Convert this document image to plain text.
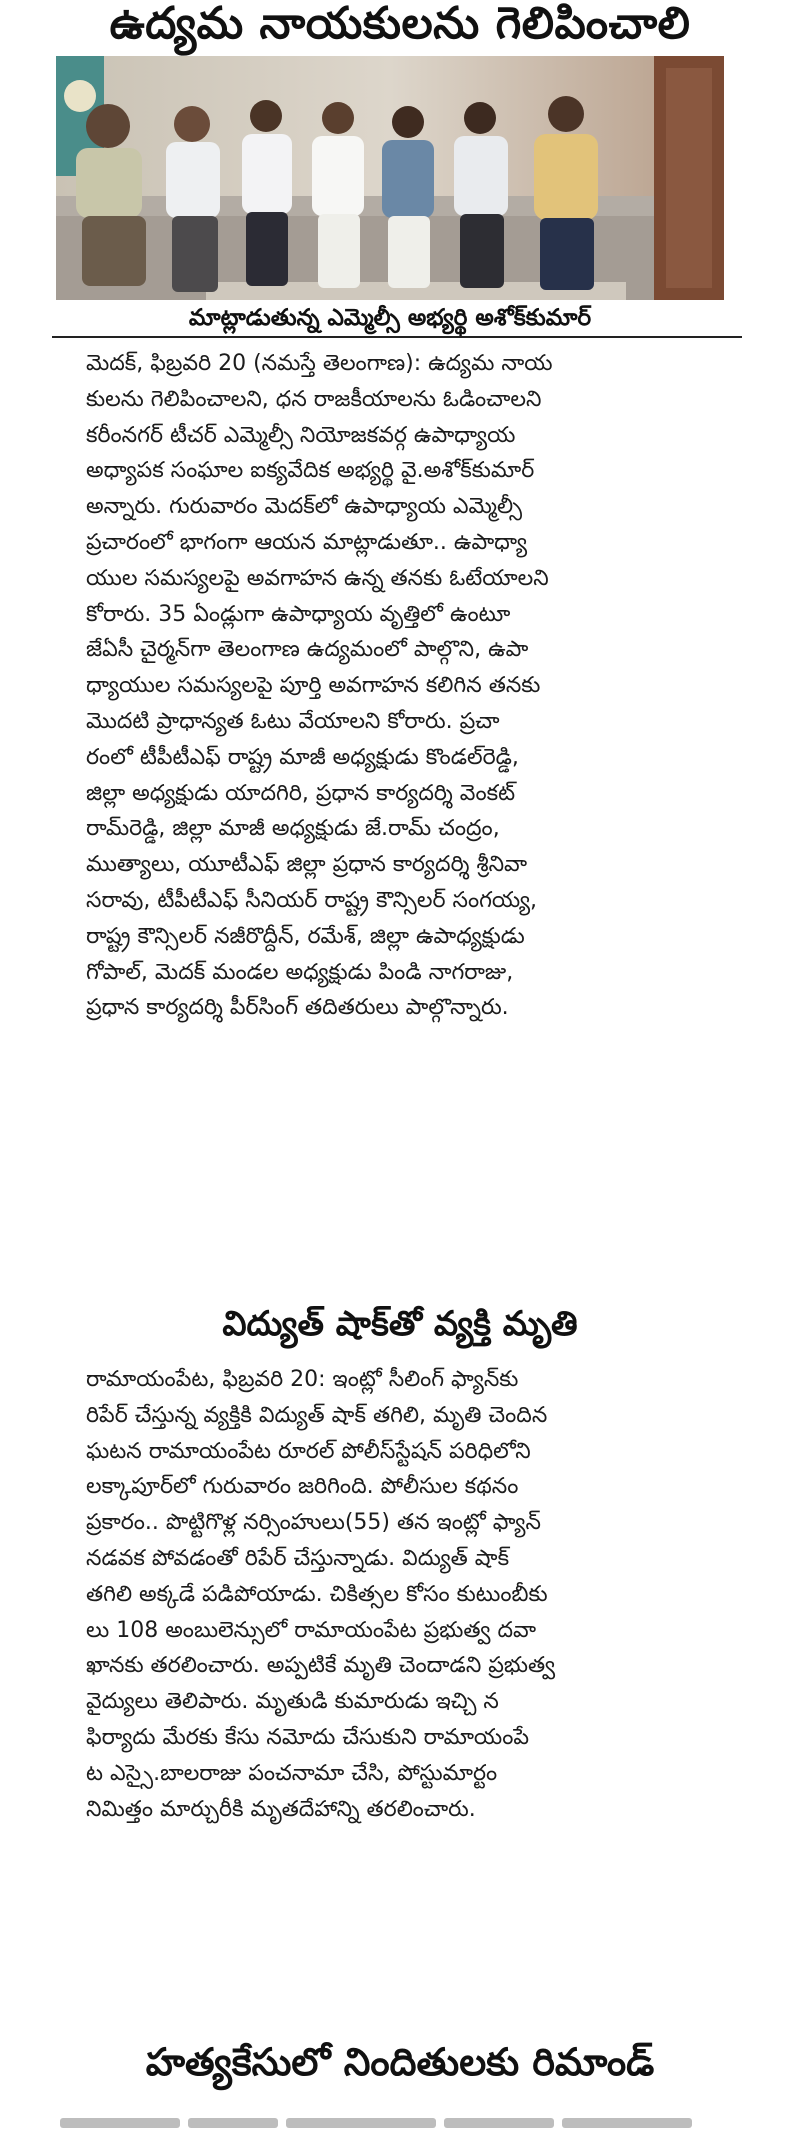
ఉద్యమ నాయకులను గెలిపించాలి
మాట్లాడుతున్న ఎమ్మెల్సీ అభ్యర్థి అశోక్‌కుమార్
మెదక్, ఫిబ్రవరి 20 (నమస్తే తెలంగాణ): ఉద్యమ నాయ
కులను గెలిపించాలని, ధన రాజకీయాలను ఓడించాలని
కరీంనగర్ టీచర్ ఎమ్మెల్సీ నియోజకవర్గ ఉపాధ్యాయ
అధ్యాపక సంఘాల ఐక్యవేదిక అభ్యర్థి వై.అశోక్‌కుమార్
అన్నారు. గురువారం మెదక్‌లో ఉపాధ్యాయ ఎమ్మెల్సీ
ప్రచారంలో భాగంగా ఆయన మాట్లాడుతూ.. ఉపాధ్యా
యుల సమస్యలపై అవగాహన ఉన్న తనకు ఓటేయాలని
కోరారు. 35 ఏండ్లుగా ఉపాధ్యాయ వృత్తిలో ఉంటూ
జేఏసీ చైర్మన్‌గా తెలంగాణ ఉద్యమంలో పాల్గొని, ఉపా
ధ్యాయుల సమస్యలపై పూర్తి అవగాహన కలిగిన తనకు
మొదటి ప్రాధాన్యత ఓటు వేయాలని కోరారు. ప్రచా
రంలో టీపీటీఎఫ్ రాష్ట్ర మాజీ అధ్యక్షుడు కొండల్‌రెడ్డి,
జిల్లా అధ్యక్షుడు యాదగిరి, ప్రధాన కార్యదర్శి వెంకట్
రామ్‌రెడ్డి, జిల్లా మాజీ అధ్యక్షుడు జే.రామ్ చంద్రం,
ముత్యాలు, యూటీఎఫ్ జిల్లా ప్రధాన కార్యదర్శి శ్రీనివా
సరావు, టీపీటీఎఫ్ సీనియర్ రాష్ట్ర కౌన్సిలర్ సంగయ్య,
రాష్ట్ర కౌన్సిలర్ నజీరొద్దీన్, రమేశ్, జిల్లా ఉపాధ్యక్షుడు
గోపాల్, మెదక్ మండల అధ్యక్షుడు పిండి నాగరాజు,
ప్రధాన కార్యదర్శి పీర్‌సింగ్ తదితరులు పాల్గొన్నారు.
విద్యుత్ షాక్‌తో వ్యక్తి మృతి
రామాయంపేట, ఫిబ్రవరి 20: ఇంట్లో సీలింగ్ ఫ్యాన్‌కు
రిపేర్ చేస్తున్న వ్యక్తికి విద్యుత్ షాక్ తగిలి, మృతి చెందిన
ఘటన రామాయంపేట రూరల్ పోలీస్‌స్టేషన్ పరిధిలోని
లక్కాపూర్‌లో గురువారం జరిగింది. పోలీసుల కథనం
ప్రకారం.. పొట్టిగొళ్ల నర్సింహులు(55) తన ఇంట్లో ఫ్యాన్
నడవక పోవడంతో రిపేర్ చేస్తున్నాడు. విద్యుత్ షాక్
తగిలి అక్కడే పడిపోయాడు. చికిత్సల కోసం కుటుంబీకు
లు 108 అంబులెన్సులో రామాయంపేట ప్రభుత్వ దవా
ఖానకు తరలించారు. అప్పటికే మృతి చెందాడని ప్రభుత్వ
వైద్యులు తెలిపారు. మృతుడి కుమారుడు ఇచ్చి న
ఫిర్యాదు మేరకు కేసు నమోదు చేసుకుని రామాయంపే
ట ఎస్సై.బాలరాజు పంచనామా చేసి, పోస్టుమార్టం
నిమిత్తం మార్చురీకి మృతదేహాన్ని తరలించారు.
హత్యకేసులో నిందితులకు రిమాండ్
